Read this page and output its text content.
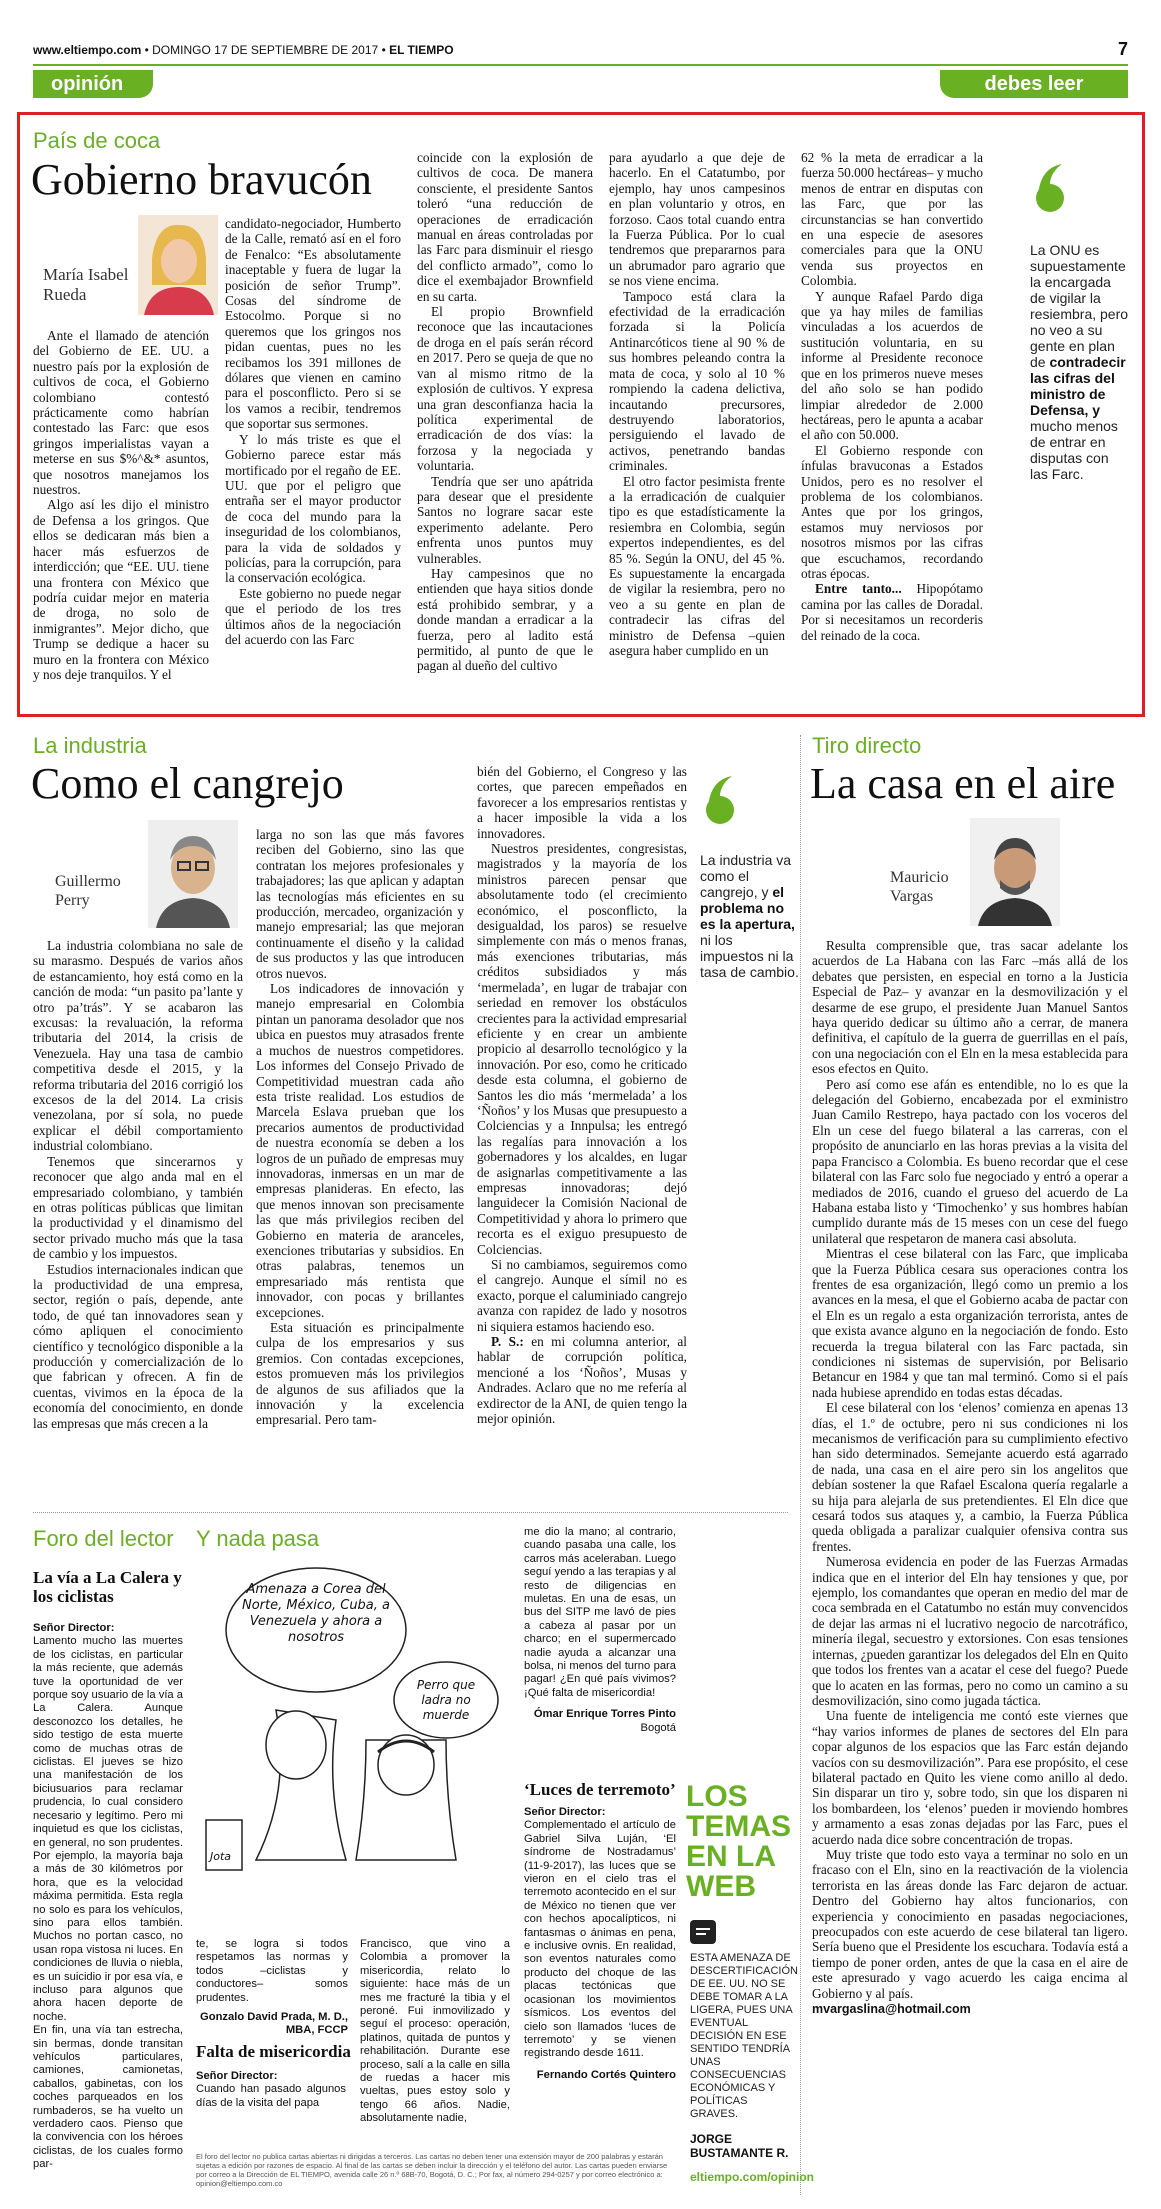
www.eltiempo.com • DOMINGO 17 DE SEPTIEMBRE DE 2017 • EL TIEMPO	7
opinión	debes leer
País de coca
Gobierno bravucón
María Isabel Rueda

Ante el llamado de atención del Gobierno de EE. UU. a nuestro país por la explosión de cultivos de coca, el Gobierno colombiano contestó prácticamente como habrían contestado las Farc: que esos gringos imperialistas vayan a meterse en sus $%^&* asuntos, que nosotros manejamos los nuestros.

Algo así les dijo el ministro de Defensa a los gringos. Que ellos se dedicaran más bien a hacer más esfuerzos de interdicción; que “EE. UU. tiene una frontera con México que podría cuidar mejor en materia de droga, no solo de inmigrantes”. Mejor dicho, que Trump se dedique a hacer su muro en la frontera con México y nos deje tranquilos. Y el

candidato-negociador, Humberto de la Calle, remató así en el foro de Fenalco: “Es absolutamente inaceptable y fuera de lugar la posición de señor Trump”. Cosas del síndrome de Estocolmo. Porque si no queremos que los gringos nos pidan cuentas, pues no les recibamos los 391 millones de dólares que vienen en camino para el posconflicto. Pero si se los vamos a recibir, tendremos que soportar sus sermones.

Y lo más triste es que el Gobierno parece estar más mortificado por el regaño de EE. UU. que por el peligro que entraña ser el mayor productor de coca del mundo para la inseguridad de los colombianos, para la vida de soldados y policías, para la corrupción, para la conservación ecológica.

Este gobierno no puede negar que el periodo de los tres últimos años de la negociación del acuerdo con las Farc

coincide con la explosión de cultivos de coca. De manera consciente, el presidente Santos toleró “una reducción de operaciones de erradicación manual en áreas controladas por las Farc para disminuir el riesgo del conflicto armado”, como lo dice el exembajador Brownfield en su carta.

El propio Brownfield reconoce que las incautaciones de droga en el país serán récord en 2017. Pero se queja de que no van al mismo ritmo de la explosión de cultivos. Y expresa una gran desconfianza hacia la política experimental de erradicación de dos vías: la forzosa y la negociada y voluntaria.

Tendría que ser uno apátrida para desear que el presidente Santos no lograre sacar este experimento adelante. Pero enfrenta unos puntos muy vulnerables.

Hay campesinos que no entienden que haya sitios donde está prohibido sembrar, y a donde mandan a erradicar a la fuerza, pero al ladito está permitido, al punto de que le pagan al dueño del cultivo

para ayudarlo a que deje de hacerlo. En el Catatumbo, por ejemplo, hay unos campesinos en plan voluntario y otros, en forzoso. Caos total cuando entra la Fuerza Pública. Por lo cual tendremos que prepararnos para un abrumador paro agrario que se nos viene encima.

Tampoco está clara la efectividad de la erradicación forzada si la Policía Antinarcóticos tiene al 90 % de sus hombres peleando contra la mata de coca, y solo al 10 % rompiendo la cadena delictiva, incautando precursores, destruyendo laboratorios, persiguiendo el lavado de activos, penetrando bandas criminales.

El otro factor pesimista frente a la erradicación de cualquier tipo es que estadísticamente la resiembra en Colombia, según expertos independientes, es del 85 %. Según la ONU, del 45 %. Es supuestamente la encargada de vigilar la resiembra, pero no veo a su gente en plan de contradecir las cifras del ministro de Defensa –quien asegura haber cumplido en un

62 % la meta de erradicar a la fuerza 50.000 hectáreas– y mucho menos de entrar en disputas con las Farc, que por las circunstancias se han convertido en una especie de asesores comerciales para que la ONU venda sus proyectos en Colombia.

Y aunque Rafael Pardo diga que ya hay miles de familias vinculadas a los acuerdos de sustitución voluntaria, en su informe al Presidente reconoce que en los primeros nueve meses del año solo se han podido limpiar alrededor de 2.000 hectáreas, pero le apunta a acabar el año con 50.000.

El Gobierno responde con ínfulas bravuconas a Estados Unidos, pero es no resolver el problema de los colombianos. Antes que por los gringos, estamos muy nerviosos por nosotros mismos por las cifras que escuchamos, recordando otras épocas.

Entre tanto... Hipopótamo camina por las calles de Doradal. Por si necesitamos un recorderis del reinado de la coca.

La ONU es supuestamente la encargada de vigilar la resiembra, pero no veo a su gente en plan de contradecir las cifras del ministro de Defensa, y mucho menos de entrar en disputas con las Farc.
La industria
Como el cangrejo
Guillermo Perry

La industria colombiana no sale de su marasmo. Después de varios años de estancamiento, hoy está como en la canción de moda: “un pasito pa’lante y otro pa’trás”. Y se acabaron las excusas: la revaluación, la reforma tributaria del 2014, la crisis de Venezuela. Hay una tasa de cambio competitiva desde el 2015, y la reforma tributaria del 2016 corrigió los excesos de la del 2014. La crisis venezolana, por sí sola, no puede explicar el débil comportamiento industrial colombiano.

Tenemos que sincerarnos y reconocer que algo anda mal en el empresariado colombiano, y también en otras políticas públicas que limitan la productividad y el dinamismo del sector privado mucho más que la tasa de cambio y los impuestos.

Estudios internacionales indican que la productividad de una empresa, sector, región o país, depende, ante todo, de qué tan innovadores sean y cómo apliquen el conocimiento científico y tecnológico disponible a la producción y comercialización de lo que fabrican y ofrecen. A fin de cuentas, vivimos en la época de la economía del conocimiento, en donde las empresas que más crecen a la

larga no son las que más favores reciben del Gobierno, sino las que contratan los mejores profesionales y trabajadores; las que aplican y adaptan las tecnologías más eficientes en su producción, mercadeo, organización y manejo empresarial; las que mejoran continuamente el diseño y la calidad de sus productos y las que introducen otros nuevos.

Los indicadores de innovación y manejo empresarial en Colombia pintan un panorama desolador que nos ubica en puestos muy atrasados frente a muchos de nuestros competidores. Los informes del Consejo Privado de Competitividad muestran cada año esta triste realidad. Los estudios de Marcela Eslava prueban que los precarios aumentos de productividad de nuestra economía se deben a los logros de un puñado de empresas muy innovadoras, inmersas en un mar de empresas planideras. En efecto, las que menos innovan son precisamente las que más privilegios reciben del Gobierno en materia de aranceles, exenciones tributarias y subsidios. En otras palabras, tenemos un empresariado más rentista que innovador, con pocas y brillantes excepciones.

Esta situación es principalmente culpa de los empresarios y sus gremios. Con contadas excepciones, estos promueven más los privilegios de algunos de sus afiliados que la innovación y la excelencia empresarial. Pero tam-

bién del Gobierno, el Congreso y las cortes, que parecen empeñados en favorecer a los empresarios rentistas y a hacer imposible la vida a los innovadores.

Nuestros presidentes, congresistas, magistrados y la mayoría de los ministros parecen pensar que absolutamente todo (el crecimiento económico, el posconflicto, la desigualdad, los paros) se resuelve simplemente con más o menos franas, más exenciones tributarias, más créditos subsidiados y más ‘mermelada’, en lugar de trabajar con seriedad en remover los obstáculos crecientes para la actividad empresarial eficiente y en crear un ambiente propicio al desarrollo tecnológico y la innovación. Por eso, como he criticado desde esta columna, el gobierno de Santos les dio más ‘mermelada’ a los ‘Ñoños’ y los Musas que presupuesto a Colciencias y a Innpulsa; les entregó las regalías para innovación a los gobernadores y los alcaldes, en lugar de asignarlas competitivamente a las empresas innovadoras; dejó languidecer la Comisión Nacional de Competitividad y ahora lo primero que recorta es el exiguo presupuesto de Colciencias.

Si no cambiamos, seguiremos como el cangrejo. Aunque el símil no es exacto, porque el caluminiado cangrejo avanza con rapidez de lado y nosotros ni siquiera estamos haciendo eso.

P. S.: en mi columna anterior, al hablar de corrupción política, mencioné a los ‘Ñoños’, Musas y Andrades. Aclaro que no me refería al exdirector de la ANI, de quien tengo la mejor opinión.

La industria va como el cangrejo, y el problema no es la apertura, ni los impuestos ni la tasa de cambio.
Tiro directo
La casa en el aire
Mauricio Vargas

Resulta comprensible que, tras sacar adelante los acuerdos de La Habana con las Farc –más allá de los debates que persisten, en especial en torno a la Justicia Especial de Paz– y avanzar en la desmovilización y el desarme de ese grupo, el presidente Juan Manuel Santos haya querido dedicar su último año a cerrar, de manera definitiva, el capítulo de la guerra de guerrillas en el país, con una negociación con el Eln en la mesa establecida para esos efectos en Quito.

Pero así como ese afán es entendible, no lo es que la delegación del Gobierno, encabezada por el exministro Juan Camilo Restrepo, haya pactado con los voceros del Eln un cese del fuego bilateral a las carreras, con el propósito de anunciarlo en las horas previas a la visita del papa Francisco a Colombia. Es bueno recordar que el cese bilateral con las Farc solo fue negociado y entró a operar a mediados de 2016, cuando el grueso del acuerdo de La Habana estaba listo y ‘Timochenko’ y sus hombres habían cumplido durante más de 15 meses con un cese del fuego unilateral que respetaron de manera casi absoluta.

Mientras el cese bilateral con las Farc, que implicaba que la Fuerza Pública cesara sus operaciones contra los frentes de esa organización, llegó como un premio a los avances en la mesa, el que el Gobierno acaba de pactar con el Eln es un regalo a esta organización terrorista, antes de que exista avance alguno en la negociación de fondo. Esto recuerda la tregua bilateral con las Farc pactada, sin condiciones ni sistemas de supervisión, por Belisario Betancur en 1984 y que tan mal terminó. Como si el país nada hubiese aprendido en todas estas décadas.

El cese bilateral con los ‘elenos’ comienza en apenas 13 días, el 1.º de octubre, pero ni sus condiciones ni los mecanismos de verificación para su cumplimiento efectivo han sido determinados. Semejante acuerdo está agarrado de nada, una casa en el aire pero sin los angelitos que debían sostener la que Rafael Escalona quería regalarle a su hija para alejarla de sus pretendientes. El Eln dice que cesará todos sus ataques y, a cambio, la Fuerza Pública queda obligada a paralizar cualquier ofensiva contra sus frentes.

Numerosa evidencia en poder de las Fuerzas Armadas indica que en el interior del Eln hay tensiones y que, por ejemplo, los comandantes que operan en medio del mar de coca sembrada en el Catatumbo no están muy convencidos de dejar las armas ni el lucrativo negocio de narcotráfico, minería ilegal, secuestro y extorsiones. Con esas tensiones internas, ¿pueden garantizar los delegados del Eln en Quito que todos los frentes van a acatar el cese del fuego? Puede que lo acaten en las formas, pero no como un camino a su desmovilización, sino como jugada táctica.

Una fuente de inteligencia me contó este viernes que “hay varios informes de planes de sectores del Eln para copar algunos de los espacios que las Farc están dejando vacíos con su desmovilización”. Para ese propósito, el cese bilateral pactado en Quito les viene como anillo al dedo. Sin disparar un tiro y, sobre todo, sin que los disparen ni los bombardeen, los ‘elenos’ pueden ir moviendo hombres y armamento a esas zonas dejadas por las Farc, pues el acuerdo nada dice sobre concentración de tropas.

Muy triste que todo esto vaya a terminar no solo en un fracaso con el Eln, sino en la reactivación de la violencia terrorista en las áreas donde las Farc dejaron de actuar. Dentro del Gobierno hay altos funcionarios, con experiencia y conocimiento en pasadas negociaciones, preocupados con este acuerdo de cese bilateral tan ligero. Sería bueno que el Presidente los escuchara. Todavía está a tiempo de poner orden, antes de que la casa en el aire de este apresurado y vago acuerdo les caiga encima al Gobierno y al país.

mvargaslina@hotmail.com

Foro del lector
La vía a La Calera y los ciclistas

Señor Director:

Lamento mucho las muertes de los ciclistas, en particular la más reciente, que además tuve la oportunidad de ver porque soy usuario de la vía a La Calera. Aunque desconozco los detalles, he sido testigo de esta muerte como de muchas otras de ciclistas. El jueves se hizo una manifestación de los biciusuarios para reclamar prudencia, lo cual considero necesario y legítimo. Pero mi inquietud es que los ciclistas, en general, no son prudentes. Por ejemplo, la mayoría baja a más de 30 kilómetros por hora, que es la velocidad máxima permitida. Esta regla no solo es para los vehículos, sino para ellos también. Muchos no portan casco, no usan ropa vistosa ni luces. En condiciones de lluvia o niebla, es un suicidio ir por esa vía, e incluso para algunos que ahora hacen deporte de noche.
En fin, una vía tan estrecha, sin bermas, donde transitan vehículos particulares, camiones, camionetas, caballos, gabinetas, con los coches parqueados en los rumbaderos, se ha vuelto un verdadero caos. Pienso que la convivencia con los héroes ciclistas, de los cuales formo par-

Y nada pasa
Amenaza a Corea del Norte, México, Cuba, a Venezuela y ahora a nosotros
Perro que ladra no muerde
Jota

te, se logra si todos respetamos las normas y todos –ciclistas y conductores– somos prudentes.

Gonzalo David Prada, M. D., MBA, FCCP

Falta de misericordia

Señor Director:

Cuando han pasado algunos días de la visita del papa

Francisco, que vino a Colombia a promover la misericordia, relato lo siguiente: hace más de un mes me fracturé la tibia y el peroné. Fui inmovilizado y seguí el proceso: operación, platinos, quitada de puntos y rehabilitación. Durante ese proceso, salí a la calle en silla de ruedas a hacer mis vueltas, pues estoy solo y tengo 66 años. Nadie, absolutamente nadie,

me dio la mano; al contrario, cuando pasaba una calle, los carros más aceleraban. Luego seguí yendo a las terapias y al resto de diligencias en muletas. En una de esas, un bus del SITP me lavó de pies a cabeza al pasar por un charco; en el supermercado nadie ayuda a alcanzar una bolsa, ni menos del turno para pagar! ¿En qué país vivimos? ¡Qué falta de misericordia!

Ómar Enrique Torres Pinto

Bogotá

‘Luces de terremoto’

Señor Director:

Complementado el artículo de Gabriel Silva Luján, ‘El síndrome de Nostradamus’ (11-9-2017), las luces que se vieron en el cielo tras el terremoto acontecido en el sur de México no tienen que ver con hechos apocalípticos, ni fantasmas o ánimas en pena, e inclusive ovnis. En realidad, son eventos naturales como producto del choque de las placas tectónicas que ocasionan los movimientos sísmicos. Los eventos del cielo son llamados ‘luces de terremoto’ y se vienen registrando desde 1611.

Fernando Cortés Quintero

El foro del lector no publica cartas abiertas ni dirigidas a terceros. Las cartas no deben tener una extensión mayor de 200 palabras y estarán sujetas a edición por razones de espacio. Al final de las cartas se deben incluir la dirección y el teléfono del autor. Las cartas pueden enviarse por correo a la Dirección de EL TIEMPO, avenida calle 26 n.º 68B-70, Bogotá, D. C.; Por fax, al número 294-0257 y por correo electrónico a: opinion@eltiempo.com.co
LOS TEMAS EN LA WEB
ESTA AMENAZA DE DESCERTIFICACIÓN DE EE. UU. NO SE DEBE TOMAR A LA LIGERA, PUES UNA EVENTUAL DECISIÓN EN ESE SENTIDO TENDRÍA UNAS CONSECUENCIAS ECONÓMICAS Y POLÍTICAS GRAVES.
JORGE BUSTAMANTE R.
eltiempo.com/opinion
